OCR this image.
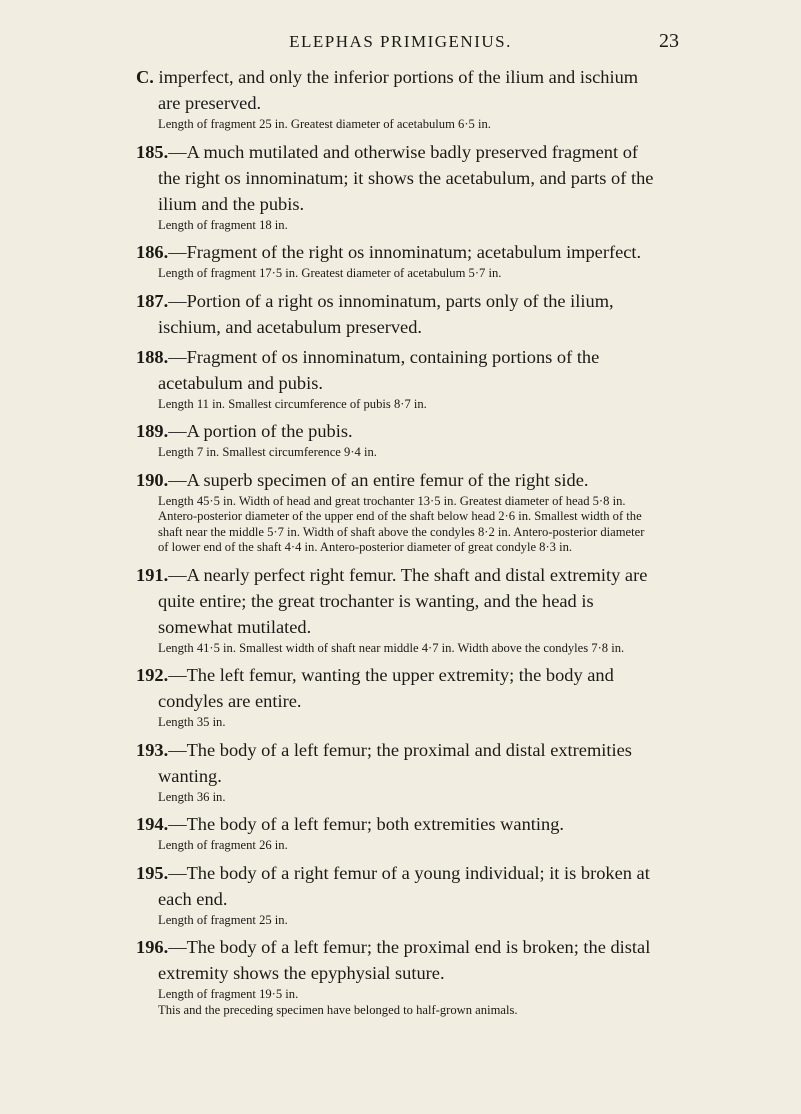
ELEPHAS PRIMIGENIUS.	23

C. imperfect, and only the inferior portions of the ilium and ischium are preserved.

Length of fragment 25 in. Greatest diameter of acetabulum 6·5 in.

185.—A much mutilated and otherwise badly preserved fragment of the right os innominatum; it shows the acetabulum, and parts of the ilium and the pubis.

Length of fragment 18 in.

186.—Fragment of the right os innominatum; acetabulum imperfect.

Length of fragment 17·5 in. Greatest diameter of acetabulum 5·7 in.

187.—Portion of a right os innominatum, parts only of the ilium, ischium, and acetabulum preserved.

188.—Fragment of os innominatum, containing portions of the acetabulum and pubis.

Length 11 in. Smallest circumference of pubis 8·7 in.

189.—A portion of the pubis.

Length 7 in. Smallest circumference 9·4 in.

190.—A superb specimen of an entire femur of the right side.

Length 45·5 in. Width of head and great trochanter 13·5 in. Greatest diameter of head 5·8 in. Antero-posterior diameter of the upper end of the shaft below head 2·6 in. Smallest width of the shaft near the middle 5·7 in. Width of shaft above the condyles 8·2 in. Antero-posterior diameter of lower end of the shaft 4·4 in. Antero-posterior diameter of great condyle 8·3 in.

191.—A nearly perfect right femur. The shaft and distal extremity are quite entire; the great trochanter is wanting, and the head is somewhat mutilated.

Length 41·5 in. Smallest width of shaft near middle 4·7 in. Width above the condyles 7·8 in.

192.—The left femur, wanting the upper extremity; the body and condyles are entire.

Length 35 in.

193.—The body of a left femur; the proximal and distal extremities wanting.

Length 36 in.

194.—The body of a left femur; both extremities wanting.

Length of fragment 26 in.

195.—The body of a right femur of a young individual; it is broken at each end.

Length of fragment 25 in.

196.—The body of a left femur; the proximal end is broken; the distal extremity shows the epyphysial suture.

Length of fragment 19·5 in.

This and the preceding specimen have belonged to half-grown animals.
